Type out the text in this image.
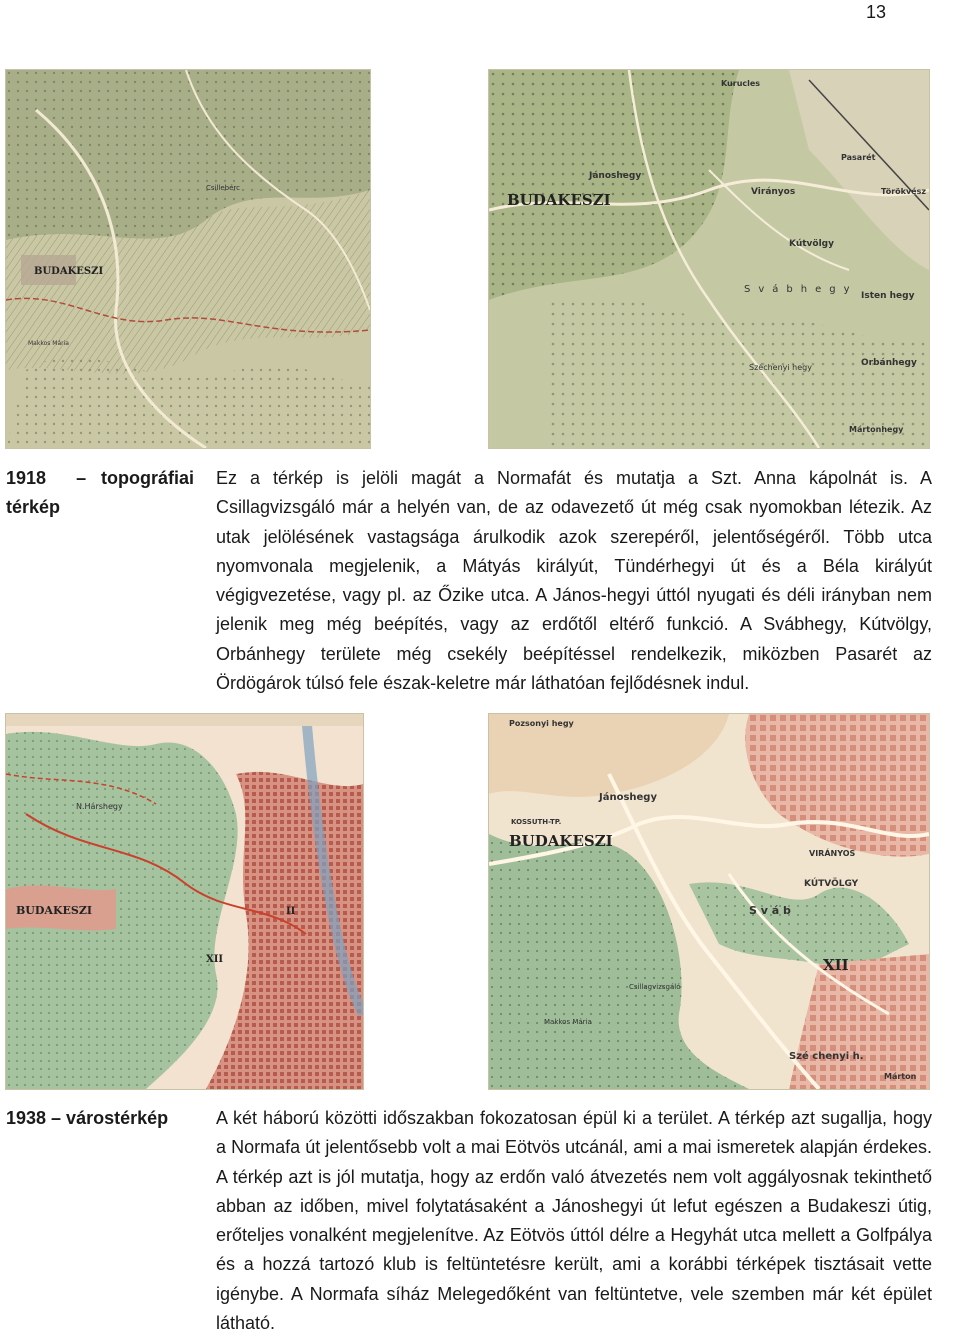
13
BUDAKESZI
Csillebérc
Makkos Mária
BUDAKESZI
Jánoshegy
Virányos
Kútvölgy
Isten hegy
Orbánhegy
Mártonhegy
Kurucles
Pasarét
Törökvész
Svábhegy
Széchenyi hegy
1918 – topográfiai
térkép
Ez a térkép is jelöli magát a Normafát és mutatja a Szt. Anna kápolnát is. A Csillagvizsgáló már a helyén van, de az odavezető út még csak nyomokban létezik. Az utak jelölésének vastagsága árulkodik azok szerepéről, jelentőségéről. Több utca nyomvonala megjelenik, a Mátyás királyút, Tündérhegyi út és a Béla királyút végigvezetése, vagy pl. az Őzike utca. A János-hegyi úttól nyugati és déli irányban nem jelenik meg még beépítés, vagy az erdőtől eltérő funkció. A Svábhegy, Kútvölgy, Orbánhegy területe még csekély beépítéssel rendelkezik, miközben Pasarét az Ördögárok túlsó fele észak-keletre már láthatóan fejlődésnek indul.
BUDAKESZI
N.Hárshegy
XII
II
BUDAKESZI
Jánoshegy
VIRÁNYOS
KÚTVÖLGY
XII
S v á b
Pozsonyi hegy
KOSSUTH-TP.
Csillagvizsgáló
Makkos Mária
Szé chenyi h.
Márton
1938 – várostérkép	A két háború közötti időszakban fokozatosan épül ki a terület. A térkép azt sugallja, hogy a Normafa út jelentősebb volt a mai Eötvös utcánál, ami a mai ismeretek alapján érdekes. A térkép azt is jól mutatja, hogy az erdőn való átvezetés nem volt aggályosnak tekinthető abban az időben, mivel folytatásaként a Jánoshegyi út lefut egészen a Budakeszi útig, erőteljes vonalként megjelenítve. Az Eötvös úttól délre a Hegyhát utca mellett a Golfpálya és a hozzá tartozó klub is feltüntetésre került, ami a korábbi térképek tisztásait vette igénybe. A Normafa síház Melegedőként van feltüntetve, vele szemben már két épület látható.
